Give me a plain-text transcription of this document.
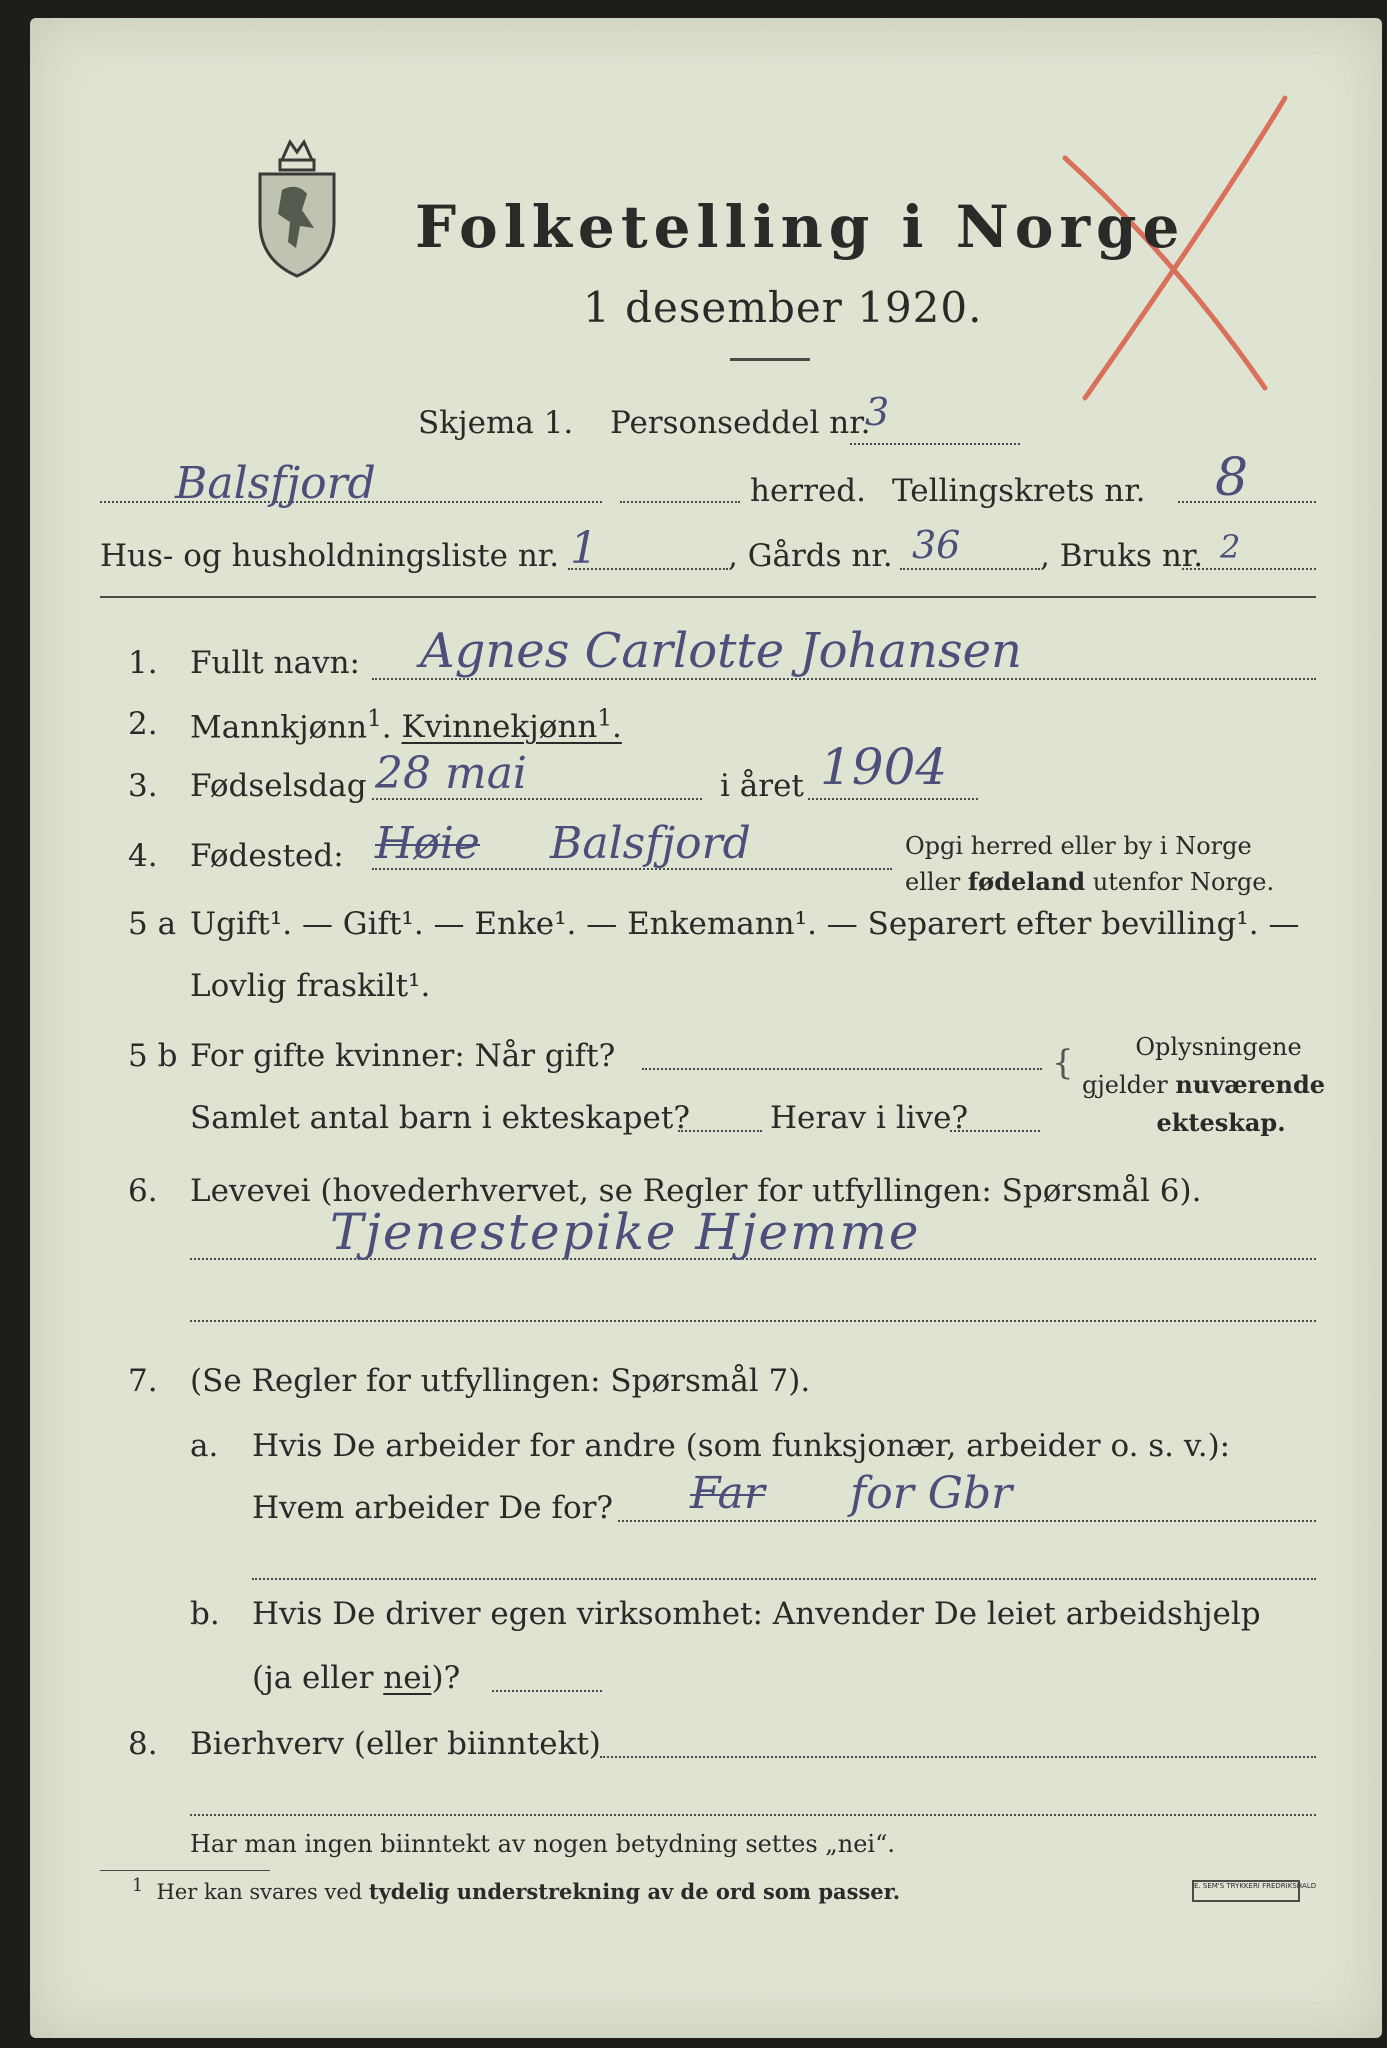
Folketelling i Norge
1 desember 1920.
Skjema 1. Personseddel nr.
3
Balsfjord	herred. Tellingskrets nr. 8
Hus- og husholdningsliste nr. 1	, Gårds nr. 36	, Bruks nr. 2
1. Fullt navn: Agnes Carlotte Johansen
2. Mannkjønn$^1$. Kvinnekjønn$^1$.
3. Fødselsdag 28 mai	i året 1904
4. Fødested: Høie Balsfjord	Opgi herred eller by i Norge
eller fødeland utenfor Norge.
5 a Ugift¹. — Gift¹. — Enke¹. — Enkemann¹. — Separert efter bevilling¹. —
Lovlig fraskilt¹.
5 b For gifte kvinner: Når gift?
Samlet antal barn i ekteskapet?	Herav i live?
{	Oplysningene
gjelder nuværende
ekteskap.
6. Levevei (hovederhvervet, se Regler for utfyllingen: Spørsmål 6).
Tjenestepike Hjemme
7. (Se Regler for utfyllingen: Spørsmål 7).
a. Hvis De arbeider for andre (som funksjonær, arbeider o. s. v.):
Hvem arbeider De for? Far for Gbr
b. Hvis De driver egen virksomhet: Anvender De leiet arbeidshjelp
(ja eller nei)?
8. Bierhverv (eller biinntekt)
Har man ingen biinntekt av nogen betydning settes „nei“.
$^1$ Her kan svares ved tydelig understrekning av de ord som passer.	E. SEM'S TRYKKERI FREDRIKSHALD
